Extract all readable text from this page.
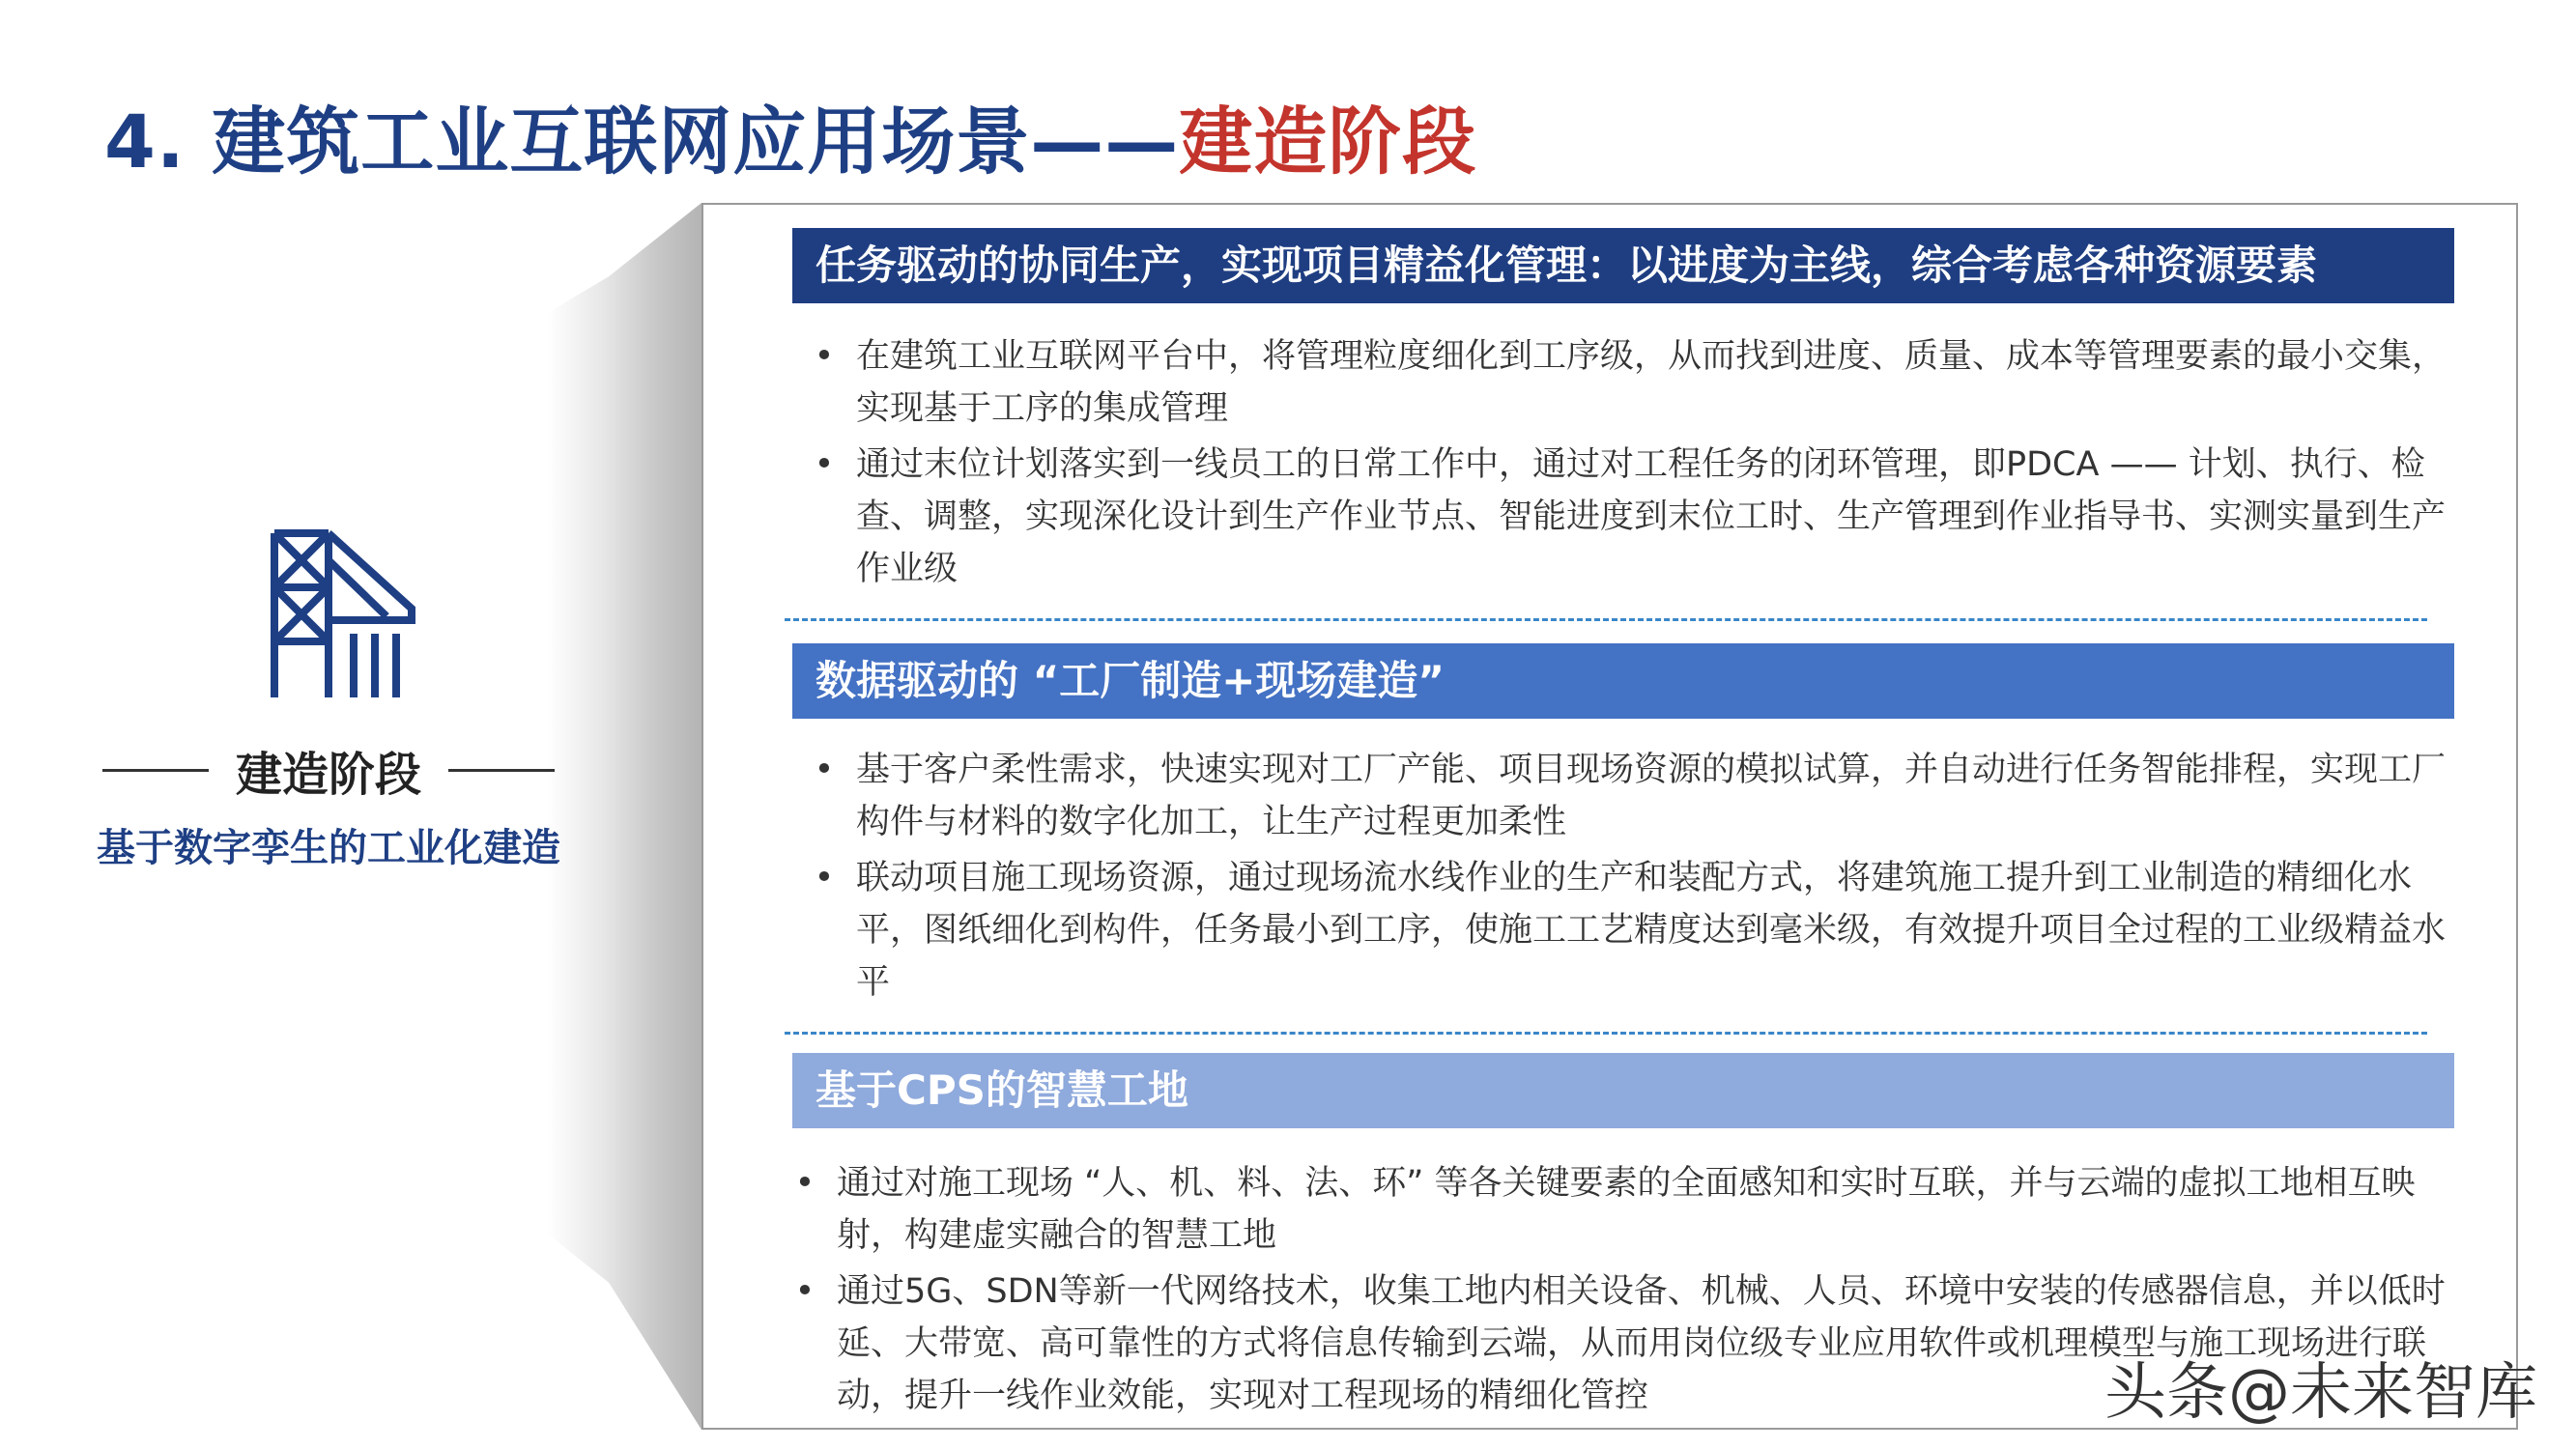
4. 建筑工业互联网应用场景——建造阶段
建造阶段
基于数字孪生的工业化建造
任务驱动的协同生产，实现项目精益化管理：以进度为主线，综合考虑各种资源要素
• 在建筑工业互联网平台中，将管理粒度细化到工序级，从而找到进度、质量、成本等管理要素的最小交集，实现基于工序的集成管理
• 通过末位计划落实到一线员工的日常工作中，通过对工程任务的闭环管理，即PDCA —— 计划、执行、检查、调整，实现深化设计到生产作业节点、智能进度到末位工时、生产管理到作业指导书、实测实量到生产作业级
数据驱动的 “工厂制造+现场建造”
• 基于客户柔性需求，快速实现对工厂产能、项目现场资源的模拟试算，并自动进行任务智能排程，实现工厂构件与材料的数字化加工，让生产过程更加柔性
• 联动项目施工现场资源，通过现场流水线作业的生产和装配方式，将建筑施工提升到工业制造的精细化水平，图纸细化到构件，任务最小到工序，使施工工艺精度达到毫米级，有效提升项目全过程的工业级精益水平
基于CPS的智慧工地
• 通过对施工现场 “人、机、料、法、环” 等各关键要素的全面感知和实时互联，并与云端的虚拟工地相互映射，构建虚实融合的智慧工地
• 通过5G、SDN等新一代网络技术，收集工地内相关设备、机械、人员、环境中安装的传感器信息，并以低时延、大带宽、高可靠性的方式将信息传输到云端，从而用岗位级专业应用软件或机理模型与施工现场进行联动，提升一线作业效能，实现对工程现场的精细化管控	头条@未来智库
